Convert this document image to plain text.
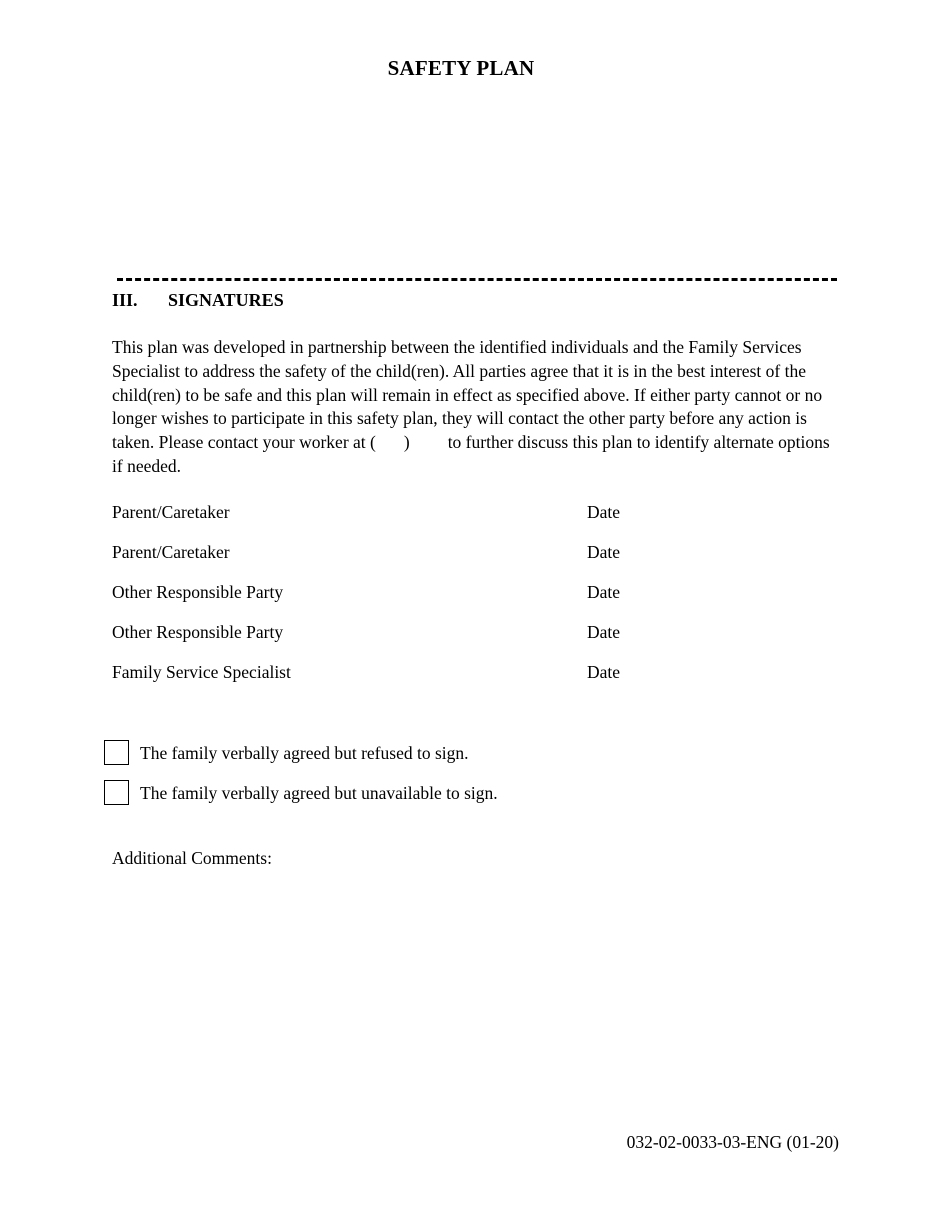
SAFETY PLAN
III. SIGNATURES
This plan was developed in partnership between the identified individuals and the Family Services Specialist to address the safety of the child(ren). All parties agree that it is in the best interest of the child(ren) to be safe and this plan will remain in effect as specified above. If either party cannot or no longer wishes to participate in this safety plan, they will contact the other party before any action is taken. Please contact your worker at ( ) to further discuss this plan to identify alternate options if needed.
Parent/Caretaker	Date
Parent/Caretaker	Date
Other Responsible Party	Date
Other Responsible Party	Date
Family Service Specialist	Date
The family verbally agreed but refused to sign.
The family verbally agreed but unavailable to sign.
Additional Comments:
032-02-0033-03-ENG (01-20)
